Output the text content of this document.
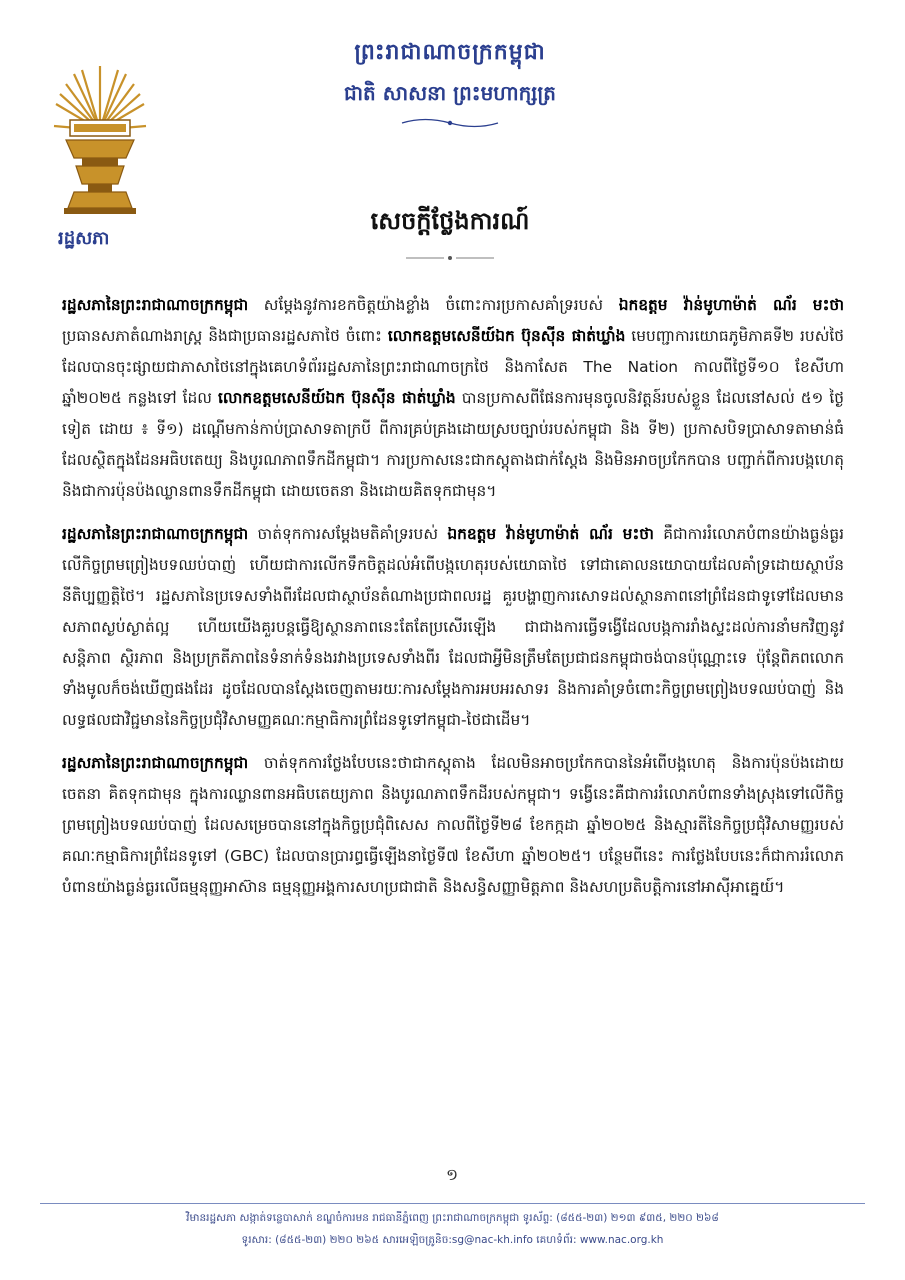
ព្រះរាជាណាចក្រកម្ពុជា
ជាតិ សាសនា ព្រះមហាក្សត្រ
រដ្ឋសភា
សេចក្តីថ្លែងការណ៍

រដ្ឋសភានៃព្រះរាជាណាចក្រកម្ពុជា សម្តែងនូវការខកចិត្តយ៉ាងខ្លាំង ចំពោះការប្រកាសគាំទ្ររបស់ ឯកឧត្តម វ៉ាន់មូហាម៉ាត់ ណ័រ មះថា ប្រធានសភាតំណាងរាស្ត្រ និងជាប្រធានរដ្ឋសភាថៃ ចំពោះ លោកឧត្តមសេនីយ៍ឯក ប៊ុនស៊ីន ផាត់ឃ្លាំង មេបញ្ជាការយោធភូមិភាគទី២ របស់ថៃ ដែលបានចុះផ្សាយជាភាសាថៃនៅក្នុងគេហទំព័ររដ្ឋសភានៃព្រះរាជាណាចក្រថៃ និងកាសែត The Nation កាលពីថ្ងៃទី១០ ខែសីហា ឆ្នាំ២០២៥ កន្លងទៅ ដែល លោកឧត្តមសេនីយ៍ឯក ប៊ុនស៊ីន ផាត់ឃ្លាំង បានប្រកាសពីផែនការមុនចូលនិវត្តន៍របស់ខ្លួន ដែលនៅសល់ ៥១ ថ្ងៃទៀត ដោយ ៖ ទី១) ដណ្តើមកាន់កាប់ប្រាសាទតាក្របី ពីការគ្រប់គ្រងដោយស្របច្បាប់របស់កម្ពុជា និង ទី២) ប្រកាសបិទប្រាសាទតាមាន់ធំដែលស្ថិតក្នុងដែនអធិបតេយ្យ និងបូរណភាពទឹកដីកម្ពុជា។ ការប្រកាសនេះជាកស្តុតាងជាក់ស្តែង និងមិនអាចប្រកែកបាន បញ្ជាក់ពីការបង្កហេតុ និងជាការប៉ុនប៉ងឈ្លានពានទឹកដីកម្ពុជា ដោយចេតនា និងដោយគិតទុកជាមុន។

រដ្ឋសភានៃព្រះរាជាណាចក្រកម្ពុជា ចាត់ទុកការសម្តែងមតិគាំទ្ររបស់ ឯកឧត្តម វ៉ាន់មូហាម៉ាត់ ណ័រ មះថា គឺជាការរំលោភបំពានយ៉ាងធ្ងន់ធ្ងរលើកិច្ចព្រមព្រៀងបទឈប់បាញ់ ហើយជាការលើកទឹកចិត្តដល់អំពើបង្កហេតុរបស់យោធាថៃ ទៅជាគោលនយោបាយដែលគាំទ្រដោយស្ថាប័ននីតិប្បញ្ញត្តិថៃ។ រដ្ឋសភានៃប្រទេសទាំងពីរដែលជាស្ថាប័នតំណាងប្រជាពលរដ្ឋ គួរបង្ហាញការសោទដល់ស្ថានភាពនៅព្រំដែនជាទូទៅដែលមានសភាពស្ងប់ស្ងាត់ល្អ ហើយយើងគួរបន្តធ្វើឱ្យស្ថានភាពនេះតែតែប្រសើរឡើង ជាជាងការធ្វើទង្វើដែលបង្កការរាំងស្ទះដល់ការនាំមកវិញនូវសន្តិភាព ស្ថិរភាព និងប្រក្រតីភាពនៃទំនាក់ទំនងរវាងប្រទេសទាំងពីរ ដែលជាអ្វីមិនត្រឹមតែប្រជាជនកម្ពុជាចង់បានប៉ុណ្ណោះទេ ប៉ុន្តែពិភពលោកទាំងមូលក៏ចង់ឃើញផងដែរ ដូចដែលបានស្តែងចេញតាមរយៈការសម្តែងការអបអរសាទរ និងការគាំទ្រចំពោះកិច្ចព្រមព្រៀងបទឈប់បាញ់ និងលទ្ធផលជាវិជ្ជមាននៃកិច្ចប្រជុំវិសាមញ្ញគណៈកម្មាធិការព្រំដែនទូទៅកម្ពុជា-ថៃជាដើម។

រដ្ឋសភានៃព្រះរាជាណាចក្រកម្ពុជា ចាត់ទុកការថ្លែងបែបនេះថាជាកស្តុតាង ដែលមិនអាចប្រកែកបាននៃអំពើបង្កហេតុ និងការប៉ុនប៉ងដោយចេតនា គិតទុកជាមុន ក្នុងការឈ្លានពានអធិបតេយ្យភាព និងបូរណភាពទឹកដីរបស់កម្ពុជា។ ទង្វើនេះគឺជាការរំលោភបំពានទាំងស្រុងទៅលើកិច្ចព្រមព្រៀងបទឈប់បាញ់ ដែលសម្រេចបាននៅក្នុងកិច្ចប្រជុំពិសេស កាលពីថ្ងៃទី២៨ ខែកក្កដា ឆ្នាំ២០២៥ និងស្មារតីនៃកិច្ចប្រជុំវិសាមញ្ញរបស់គណៈកម្មាធិការព្រំដែនទូទៅ (GBC) ដែលបានប្រារព្ធធ្វើឡើងនាថ្ងៃទី៧ ខែសីហា ឆ្នាំ២០២៥។ បន្ថែមពីនេះ ការថ្លែងបែបនេះក៏ជាការរំលោភបំពានយ៉ាងធ្ងន់ធ្ងរលើធម្មនុញ្ញអាស៊ាន ធម្មនុញ្ញអង្គការសហប្រជាជាតិ និងសន្ធិសញ្ញាមិត្តភាព និងសហប្រតិបត្តិការនៅអាស៊ីអាគ្នេយ៍។

១
វិមានរដ្ឋសភា សង្កាត់ទន្លេបាសាក់ ខណ្ឌចំការមន រាជធានីភ្នំពេញ ព្រះរាជាណាចក្រកម្ពុជា ទូរស័ព្ទ: (៨៥៥-២៣) ២១៣ ៩៣៥, ២២០ ២៦៨
ទូរសារ: (៨៥៥-២៣) ២២០ ២៦៥ សារអេឡិចត្រូនិច:sg@nac-kh.info គេហទំព័រ: www.nac.org.kh
